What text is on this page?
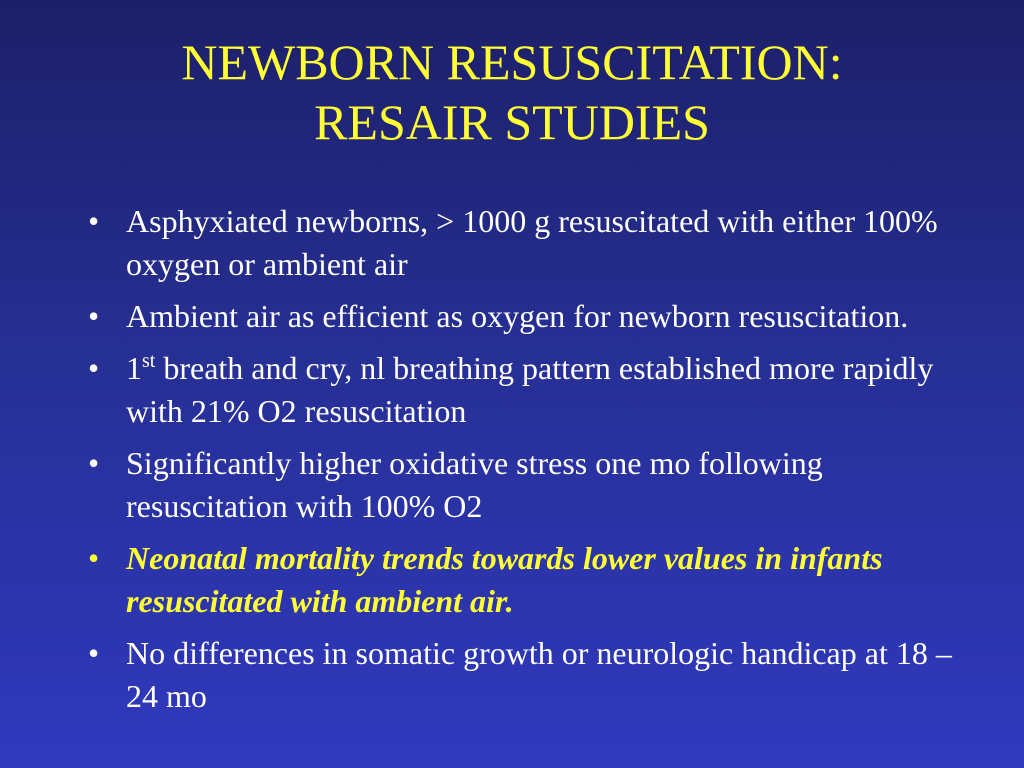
NEWBORN RESUSCITATION:
RESAIR STUDIES
• Asphyxiated newborns, > 1000 g resuscitated with either 100% oxygen or ambient air
• Ambient air as efficient as oxygen for newborn resuscitation.
• 1st breath and cry, nl breathing pattern established more rapidly with 21% O2 resuscitation
• Significantly higher oxidative stress one mo following resuscitation with 100% O2
• Neonatal mortality trends towards lower values in infants resuscitated with ambient air.
• No differences in somatic growth or neurologic handicap at 18 – 24 mo
